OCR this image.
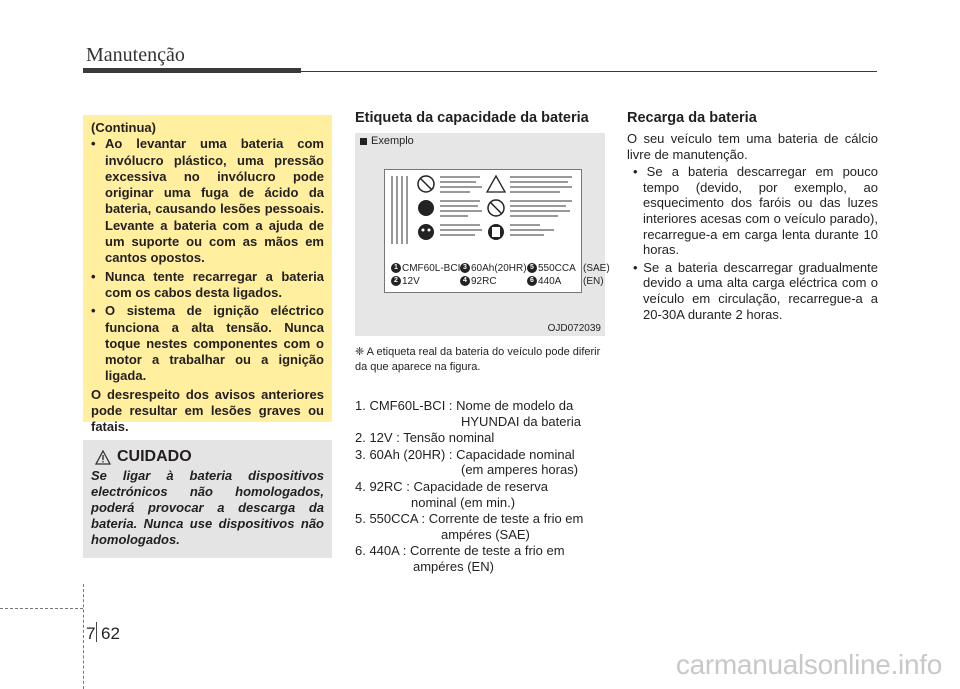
Manutenção
(Continua)
• Ao levantar uma bateria com invólucro plástico, uma pressão excessiva no invólucro pode originar uma fuga de ácido da bateria, causando lesões pessoais. Levante a bateria com a ajuda de um suporte ou com as mãos em cantos opostos.
• Nunca tente recarregar a bateria com os cabos desta ligados.
• O sistema de ignição eléctrico funciona a alta tensão. Nunca toque nestes componentes com o motor a trabalhar ou a ignição ligada.
O desrespeito dos avisos anteriores pode resultar em lesões graves ou fatais.
CUIDADO
Se ligar à bateria dispositivos electrónicos não homologados, poderá provocar a descarga da bateria. Nunca use dispositivos não homologados.
Etiqueta da capacidade da bateria
Exemplo
1 CMF60L-BCI 3 60Ah(20HR) 5 550CCA (SAE)
2 12V	4 92RC	6 440A (EN)
OJD072039
❈ A etiqueta real da bateria do veículo pode diferir da que aparece na figura.
1. CMF60L-BCI : Nome de modelo da
HYUNDAI da bateria
2. 12V : Tensão nominal
3. 60Ah (20HR) : Capacidade nominal
(em amperes horas)
4. 92RC : Capacidade de reserva
nominal (em min.)
5. 550CCA : Corrente de teste a frio em
ampéres (SAE)
6. 440A : Corrente de teste a frio em
ampéres (EN)
Recarga da bateria
O seu veículo tem uma bateria de cálcio livre de manutenção.
• Se a bateria descarregar em pouco tempo (devido, por exemplo, ao esquecimento dos faróis ou das luzes interiores acesas com o veículo parado), recarregue-a em carga lenta durante 10 horas.
• Se a bateria descarregar gradualmente devido a uma alta carga eléctrica com o veículo em circulação, recarregue-a a 20-30A durante 2 horas.
7 62
carmanualsonline.info
